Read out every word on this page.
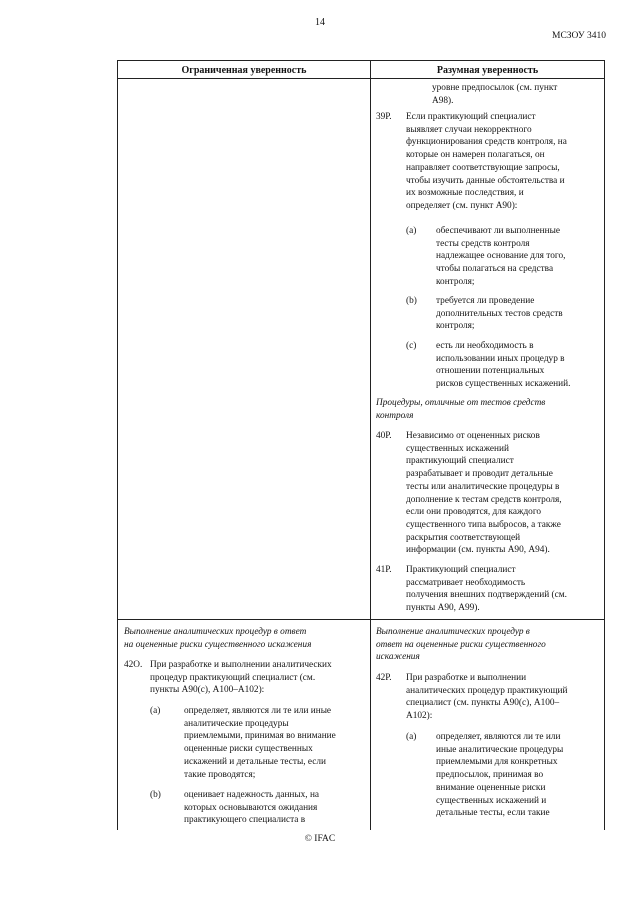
14
МСЗОУ 3410
Ограниченная уверенность	Разумная уверенность

уровне предпосылок (см. пункт

А98).

39Р. Если практикующий специалист

выявляет случаи некорректного

функционирования средств контроля, на

которые он намерен полагаться, он

направляет соответствующие запросы,

чтобы изучить данные обстоятельства и

их возможные последствия, и

определяет (см. пункт А90):

(a) обеспечивают ли выполненные

тесты средств контроля

надлежащее основание для того,

чтобы полагаться на средства

контроля;

(b) требуется ли проведение

дополнительных тестов средств

контроля;

(c) есть ли необходимость в

использовании иных процедур в

отношении потенциальных

рисков существенных искажений.

Процедуры, отличные от тестов средств

контроля

40Р. Независимо от оцененных рисков

существенных искажений

практикующий специалист

разрабатывает и проводит детальные

тесты или аналитические процедуры в

дополнение к тестам средств контроля,

если они проводятся, для каждого

существенного типа выбросов, а также

раскрытия соответствующей

информации (см. пункты А90, А94).

41Р. Практикующий специалист

рассматривает необходимость

получения внешних подтверждений (см.

пункты А90, А99).

Выполнение аналитических процедур в ответ

на оцененные риски существенного искажения

42О. При разработке и выполнении аналитических

процедур практикующий специалист (см.

пункты А90(c), А100–А102):

(a)	определяет, являются ли те или иные

аналитические процедуры

приемлемыми, принимая во внимание

оцененные риски существенных

искажений и детальные тесты, если

такие проводятся;

(b) оценивает надежность данных, на

которых основываются ожидания

практикующего специалиста в

Выполнение аналитических процедур в

ответ на оцененные риски существенного

искажения

42Р. При разработке и выполнении

аналитических процедур практикующий

специалист (см. пункты А90(c), А100–

А102):

(a) определяет, являются ли те или

иные аналитические процедуры

приемлемыми для конкретных

предпосылок, принимая во

внимание оцененные риски

существенных искажений и

детальные тесты, если такие

© IFAC
